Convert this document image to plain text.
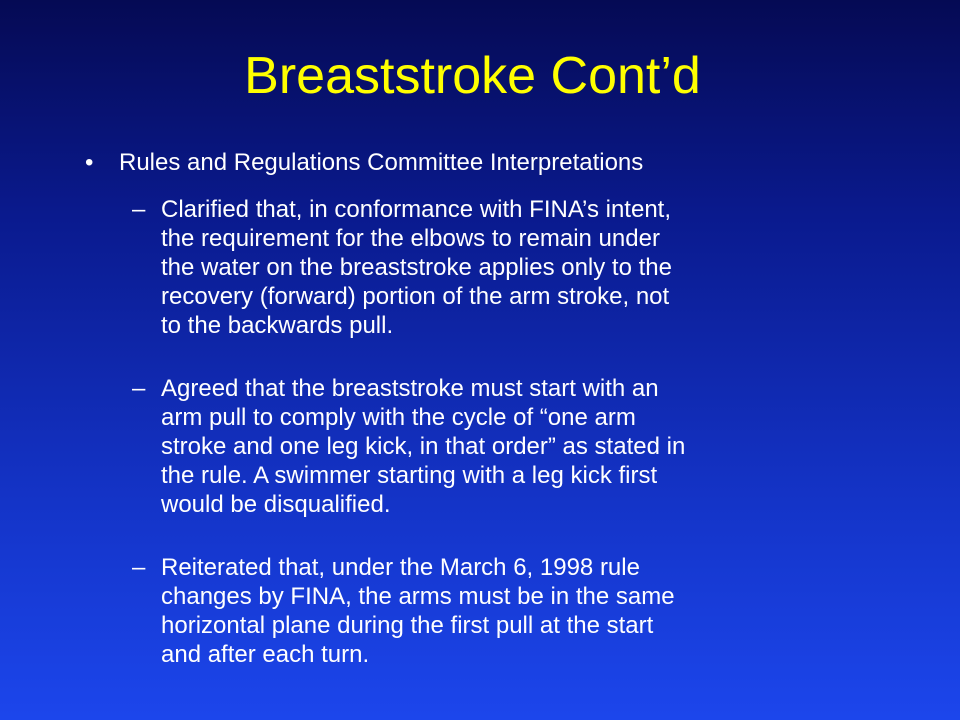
Breaststroke Cont’d
• Rules and Regulations Committee Interpretations
– Clarified that, in conformance with FINA’s intent,
the requirement for the elbows to remain under
the water on the breaststroke applies only to the
recovery (forward) portion of the arm stroke, not
to the backwards pull.
– Agreed that the breaststroke must start with an
arm pull to comply with the cycle of “one arm
stroke and one leg kick, in that order” as stated in
the rule. A swimmer starting with a leg kick first
would be disqualified.
– Reiterated that, under the March 6, 1998 rule
changes by FINA, the arms must be in the same
horizontal plane during the first pull at the start
and after each turn.
